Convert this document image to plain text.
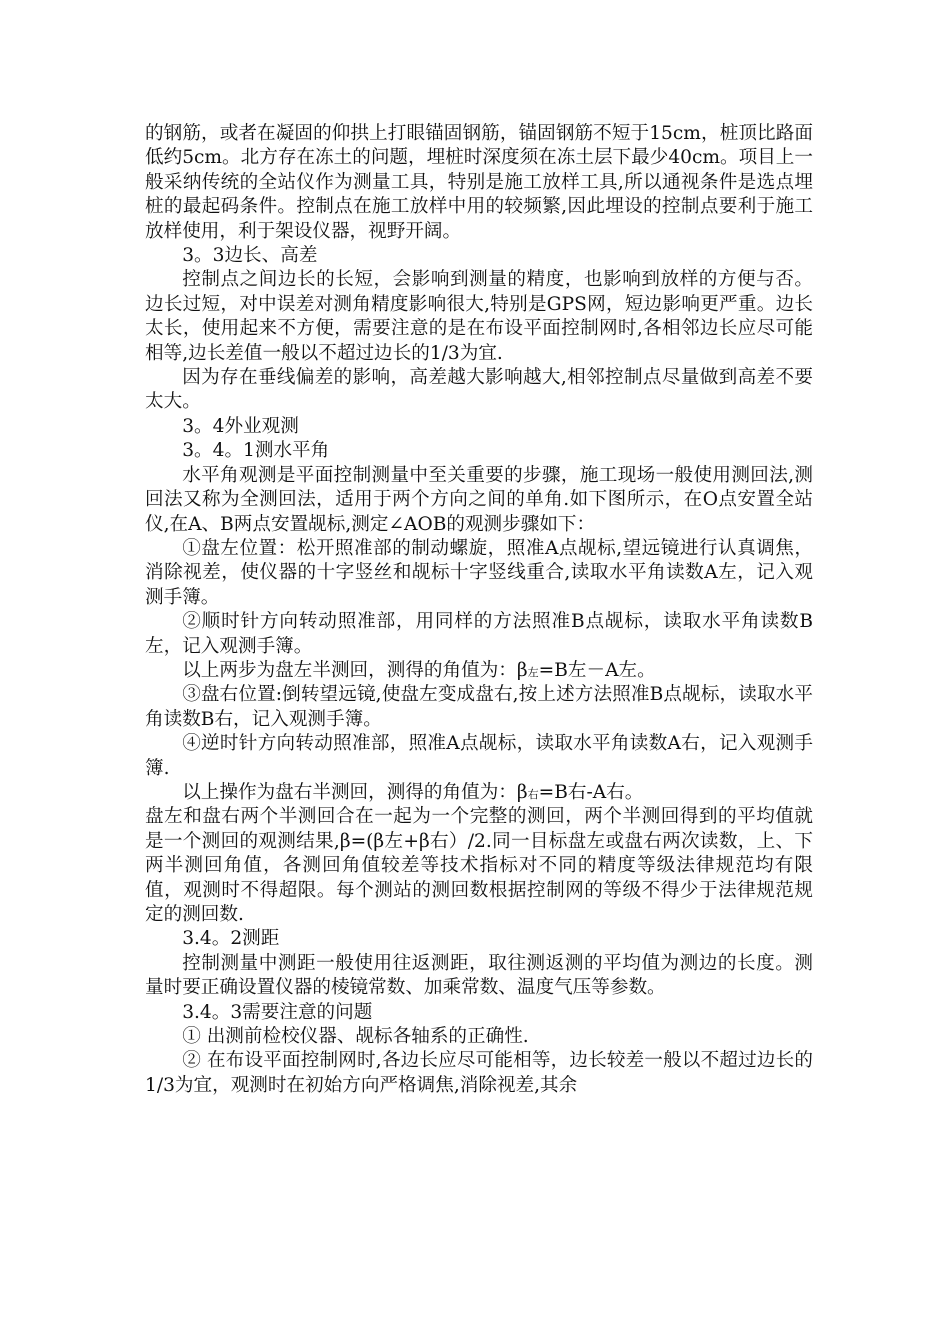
的钢筋，或者在凝固的仰拱上打眼锚固钢筋，锚固钢筋不短于15cm，桩顶比路面低约5cm。北方存在冻土的问题，埋桩时深度须在冻土层下最少40cm。项目上一般采纳传统的全站仪作为测量工具，特别是施工放样工具,所以通视条件是选点埋桩的最起码条件。控制点在施工放样中用的较频繁,因此埋设的控制点要利于施工放样使用，利于架设仪器，视野开阔。

3。3边长、高差

控制点之间边长的长短，会影响到测量的精度，也影响到放样的方便与否。边长过短，对中误差对测角精度影响很大,特别是GPS网，短边影响更严重。边长太长，使用起来不方便，需要注意的是在布设平面控制网时,各相邻边长应尽可能相等,边长差值一般以不超过边长的1/3为宜.

因为存在垂线偏差的影响，高差越大影响越大,相邻控制点尽量做到高差不要太大。

3。4外业观测

3。4。1测水平角

水平角观测是平面控制测量中至关重要的步骤，施工现场一般使用测回法,测回法又称为全测回法，适用于两个方向之间的单角.如下图所示，在O点安置全站仪,在A、B两点安置觇标,测定∠AOB的观测步骤如下：

①盘左位置：松开照准部的制动螺旋，照准A点觇标,望远镜进行认真调焦，消除视差，使仪器的十字竖丝和觇标十字竖线重合,读取水平角读数A左，记入观测手簿。

②顺时针方向转动照准部，用同样的方法照准B点觇标，读取水平角读数B左，记入观测手簿。

以上两步为盘左半测回，测得的角值为：β左=B左－A左。

③盘右位置:倒转望远镜,使盘左变成盘右,按上述方法照准B点觇标，读取水平角读数B右，记入观测手簿。

④逆时针方向转动照准部，照准A点觇标，读取水平角读数A右，记入观测手簿.

以上操作为盘右半测回，测得的角值为：β右=B右-A右。

盘左和盘右两个半测回合在一起为一个完整的测回，两个半测回得到的平均值就是一个测回的观测结果,β=(β左+β右）/2.同一目标盘左或盘右两次读数，上、下两半测回角值，各测回角值较差等技术指标对不同的精度等级法律规范均有限值，观测时不得超限。每个测站的测回数根据控制网的等级不得少于法律规范规定的测回数.

3.4。2测距

控制测量中测距一般使用往返测距，取往测返测的平均值为测边的长度。测量时要正确设置仪器的棱镜常数、加乘常数、温度气压等参数。

3.4。3需要注意的问题

① 出测前检校仪器、觇标各轴系的正确性.

② 在布设平面控制网时,各边长应尽可能相等，边长较差一般以不超过边长的1/3为宜，观测时在初始方向严格调焦,消除视差,其余
